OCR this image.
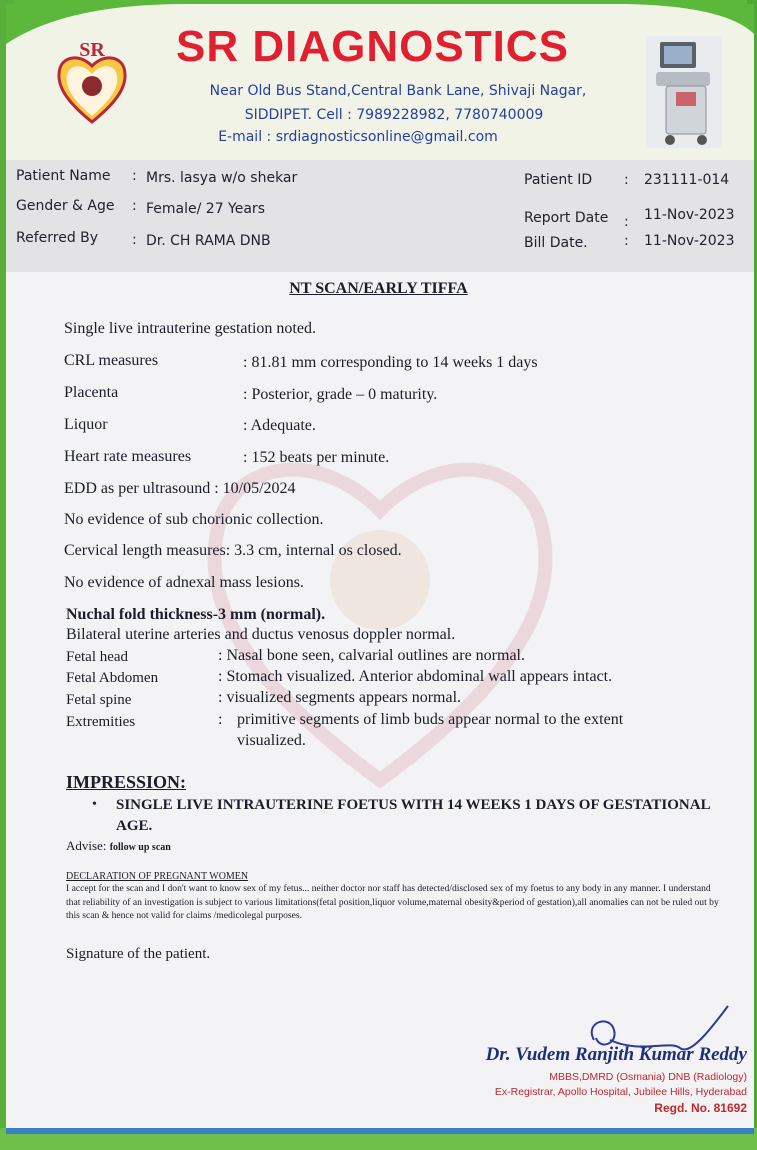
SR SR DIAGNOSTICS
Near Old Bus Stand,Central Bank Lane, Shivaji Nagar,
SIDDIPET. Cell : 7989228982, 7780740009
E-mail : srdiagnosticsonline@gmail.com
Patient Name : Mrs. lasya w/o shekar
Gender & Age : Female/ 27 Years
Referred By : Dr. CH RAMA DNB
Patient ID : 231111-014
Report Date : 11-Nov-2023
Bill Date.	: 11-Nov-2023
NT SCAN/EARLY TIFFA
Single live intrauterine gestation noted.
CRL measures	: 81.81 mm corresponding to 14 weeks 1 days
Placenta	: Posterior, grade – 0 maturity.
Liquor	: Adequate.
Heart rate measures	: 152 beats per minute.
EDD as per ultrasound : 10/05/2024
No evidence of sub chorionic collection.
Cervical length measures: 3.3 cm, internal os closed.
No evidence of adnexal mass lesions.
Nuchal fold thickness-3 mm (normal).
Bilateral uterine arteries and ductus venosus doppler normal.
Fetal head	: Nasal bone seen, calvarial outlines are normal.
Fetal Abdomen	: Stomach visualized. Anterior abdominal wall appears intact.
Fetal spine	: visualized segments appears normal.
Extremities	: primitive segments of limb buds appear normal to the extent
visualized.
IMPRESSION:
• SINGLE LIVE INTRAUTERINE FOETUS WITH 14 WEEKS 1 DAYS OF GESTATIONAL AGE.
Advise: follow up scan
DECLARATION OF PREGNANT WOMEN
I accept for the scan and I don't want to know sex of my fetus... neither doctor nor staff has detected/disclosed sex of my foetus to any body in any manner. I understand that reliability of an investigation is subject to various limitations(fetal position,liquor volume,maternal obesity&period of gestation),all anomalies can not be ruled out by this scan & hence not valid for claims /medicolegal purposes.
Signature of the patient.
Dr. Vudem Ranjith Kumar Reddy
MBBS,DMRD (Osmania) DNB (Radiology)
Ex-Registrar, Apollo Hospital, Jubilee Hills, Hyderabad
Regd. No. 81692
